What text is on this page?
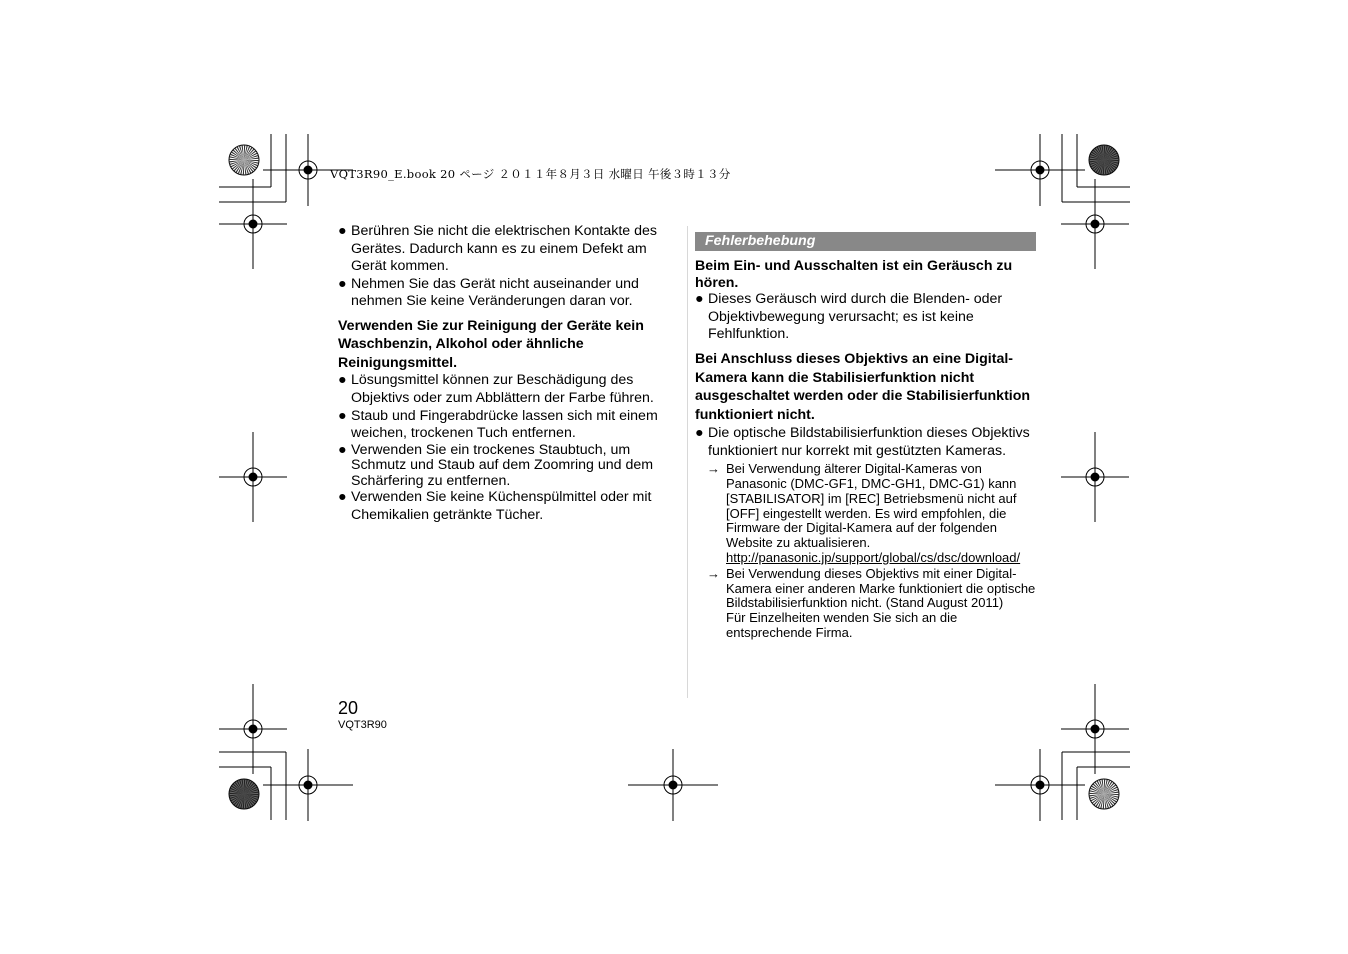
VQT3R90_E.book 20 ページ ２０１１年８月３日 水曜日 午後３時１３分

● Berühren Sie nicht die elektrischen Kontakte des Gerätes. Dadurch kann es zu einem Defekt am Gerät kommen.

● Nehmen Sie das Gerät nicht auseinander und nehmen Sie keine Veränderungen daran vor.

Verwenden Sie zur Reinigung der Geräte kein Waschbenzin, Alkohol oder ähnliche Reinigungsmittel.

● Lösungsmittel können zur Beschädigung des Objektivs oder zum Abblättern der Farbe führen.

● Staub und Fingerabdrücke lassen sich mit einem weichen, trockenen Tuch entfernen.

● Verwenden Sie ein trockenes Staubtuch, um Schmutz und Staub auf dem Zoomring und dem Schärfering zu entfernen.

● Verwenden Sie keine Küchenspülmittel oder mit Chemikalien getränkte Tücher.

Fehlerbehebung

Beim Ein- und Ausschalten ist ein Geräusch zu hören.

● Dieses Geräusch wird durch die Blenden- oder Objektivbewegung verursacht; es ist keine Fehlfunktion.

Bei Anschluss dieses Objektivs an eine Digital-Kamera kann die Stabilisierfunktion nicht ausgeschaltet werden oder die Stabilisierfunktion funktioniert nicht.

● Die optische Bildstabilisierfunktion dieses Objektivs funktioniert nur korrekt mit gestützten Kameras.

→ Bei Verwendung älterer Digital-Kameras von Panasonic (DMC-GF1, DMC-GH1, DMC-G1) kann [STABILISATOR] im [REC] Betriebsmenü nicht auf [OFF] eingestellt werden. Es wird empfohlen, die Firmware der Digital-Kamera auf der folgenden Website zu aktualisieren.
http://panasonic.jp/support/global/cs/dsc/download/

→ Bei Verwendung dieses Objektivs mit einer Digital-Kamera einer anderen Marke funktioniert die optische Bildstabilisierfunktion nicht. (Stand August 2011)
Für Einzelheiten wenden Sie sich an die entsprechende Firma.

20
VQT3R90
